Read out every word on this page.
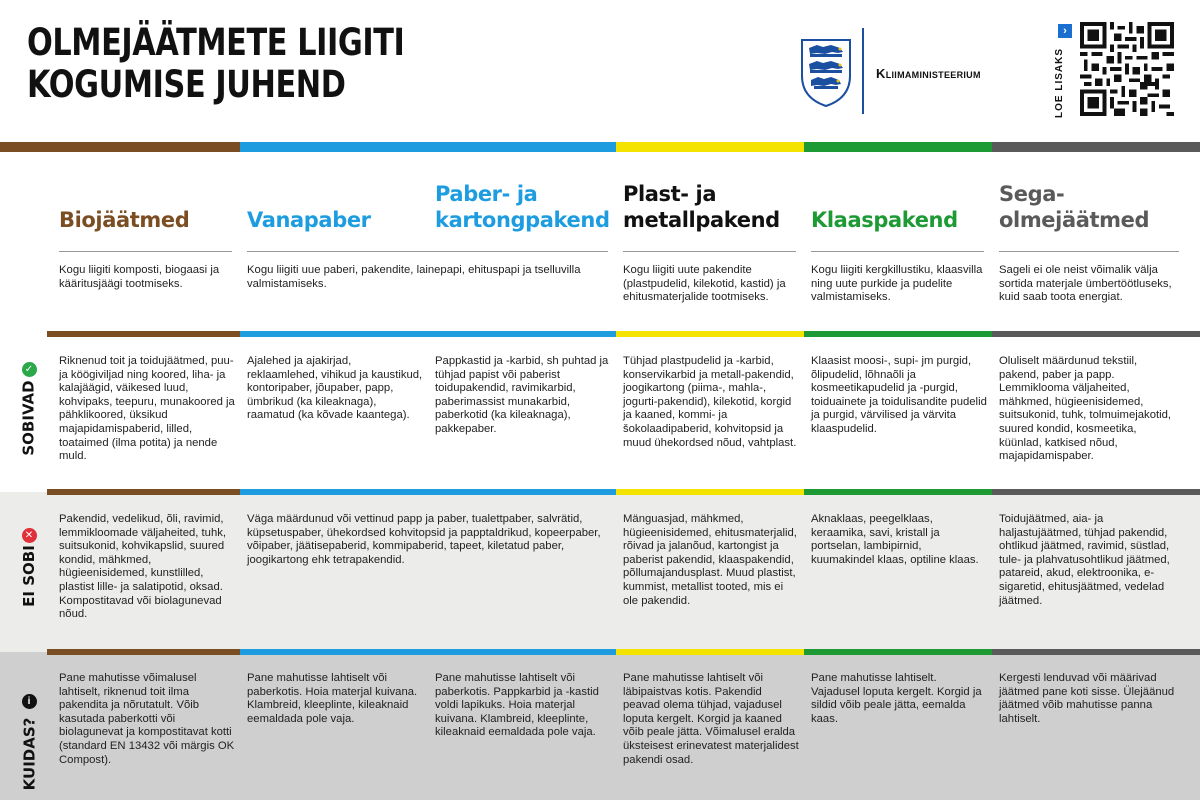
OLMEJÄÄTMETE LIIGITI
KOGUMISE JUHEND	Kliimaministeerium
›
LOE LISAKS
✓
SOBIVAD
✕
EI SOBI
i
KUIDAS?
Biojäätmed	Vanapaber
Paber- ja
kartongpakend
Plast- ja
metallpakend Klaaspakend
Sega-
olmejäätmed
Kogu liigiti komposti, biogaasi ja kääritusjäägi tootmiseks.
Kogu liigiti uue paberi, pakendite, lainepapi, ehituspapi ja tselluvilla valmistamiseks.
Kogu liigiti uute pakendite (plastpudelid, kilekotid, kastid) ja ehitusmaterjalide tootmiseks.
Kogu liigiti kergkillustiku, klaasvilla ning uute purkide ja pudelite valmistamiseks.
Sageli ei ole neist võimalik välja sortida materjale ümbertöötluseks, kuid saab toota energiat.
Riknenud toit ja toidujäätmed, puu- ja köögiviljad ning koored, liha- ja kalajäägid, väikesed luud, kohvipaks, teepuru, munakoored ja pähklikoored, üksikud majapidamispaberid, lilled, toataimed (ilma potita) ja nende muld.
Ajalehed ja ajakirjad, reklaamlehed, vihikud ja kaustikud, kontoripaber, jõupaber, papp, ümbrikud (ka kileaknaga), raamatud (ka kõvade kaantega).
Pappkastid ja -karbid, sh puhtad ja tühjad papist või paberist toidupakendid, ravimikarbid, paberimassist munakarbid, paberkotid (ka kileaknaga), pakkepaber.
Tühjad plastpudelid ja -karbid, konservikarbid ja metall-pakendid, joogikartong (piima-, mahla-, jogurti-pakendid), kilekotid, korgid ja kaaned, kommi- ja šokolaadipaberid, kohvitopsid ja muud ühekordsed nõud, vahtplast.
Klaasist moosi-, supi- jm purgid, õlipudelid, lõhnaõli ja kosmeetikapudelid ja -purgid, toiduainete ja toidulisandite pudelid ja purgid, värvilised ja värvita klaaspudelid.
Oluliselt määrdunud tekstiil, pakend, paber ja papp. Lemmiklooma väljaheited, mähkmed, hügieenisidemed, suitsukonid, tuhk, tolmuimejakotid, suured kondid, kosmeetika, küünlad, katkised nõud, majapidamispaber.
Pakendid, vedelikud, õli, ravimid, lemmikloomade väljaheited, tuhk, suitsukonid, kohvikapslid, suured kondid, mähkmed, hügieenisidemed, kunstlilled, plastist lille- ja salatipotid, oksad. Kompostitavad või biolagunevad nõud.
Väga määrdunud või vettinud papp ja paber, tualettpaber, salvrätid, küpsetuspaber, ühekordsed kohvitopsid ja papptaldrikud, kopeerpaber, võipaber, jäätisepaberid, kommipaberid, tapeet, kiletatud paber, joogikartong ehk tetrapakendid.
Mänguasjad, mähkmed, hügieenisidemed, ehitusmaterjalid, rõivad ja jalanõud, kartongist ja paberist pakendid, klaaspakendid, põllumajandusplast. Muud plastist, kummist, metallist tooted, mis ei ole pakendid.
Aknaklaas, peegelklaas, keraamika, savi, kristall ja portselan, lambipirnid, kuumakindel klaas, optiline klaas.
Toidujäätmed, aia- ja haljastujäätmed, tühjad pakendid, ohtlikud jäätmed, ravimid, süstlad, tule- ja plahvatusohtlikud jäätmed, patareid, akud, elektroonika, e-sigaretid, ehitusjäätmed, vedelad jäätmed.
Pane mahutisse võimalusel lahtiselt, riknenud toit ilma pakendita ja nõrutatult. Võib kasutada paberkotti või biolagunevat ja kompostitavat kotti (standard EN 13432 või märgis OK Compost).
Pane mahutisse lahtiselt või paberkotis. Hoia materjal kuivana. Klambreid, kleeplinte, kileaknaid eemaldada pole vaja.
Pane mahutisse lahtiselt või paberkotis. Pappkarbid ja -kastid voldi lapikuks. Hoia materjal kuivana. Klambreid, kleeplinte, kileaknaid eemaldada pole vaja.
Pane mahutisse lahtiselt või läbipaistvas kotis. Pakendid peavad olema tühjad, vajadusel loputa kergelt. Korgid ja kaaned võib peale jätta. Võimalusel eralda üksteisest erinevatest materjalidest pakendi osad.
Pane mahutisse lahtiselt. Vajadusel loputa kergelt. Korgid ja sildid võib peale jätta, eemalda kaas.
Kergesti lenduvad või määrivad jäätmed pane koti sisse. Ülejäänud jäätmed võib mahutisse panna lahtiselt.
